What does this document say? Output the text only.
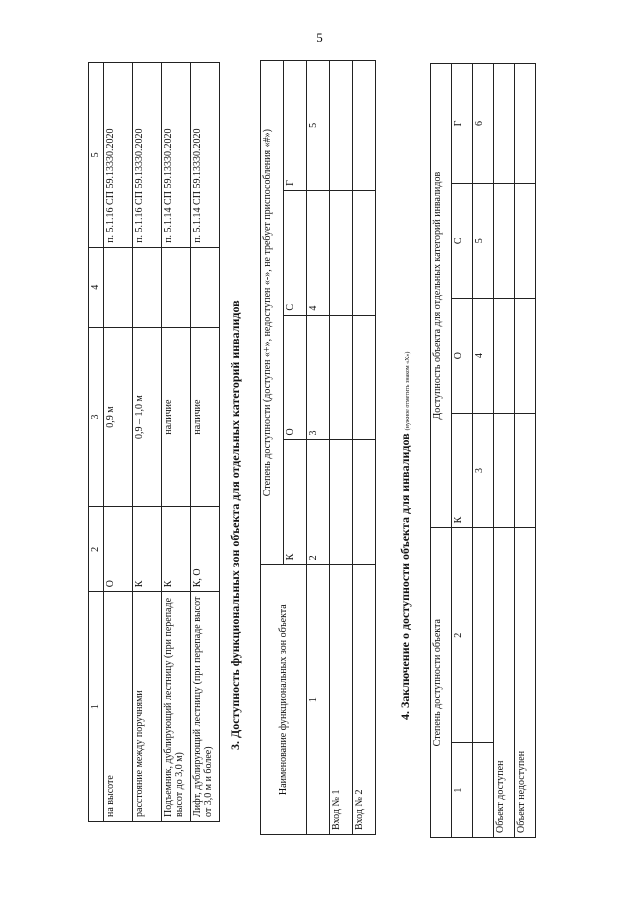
5
1	2	3	4	5
на высоте	О	0,9 м		п. 5.1.16 СП 59.13330.2020
расстояние между поручнями	К	0,9 – 1,0 м		п. 5.1.16 СП 59.13330.2020
Подъемник, дублирующий лестницу (при перепаде высот до 3,0 м)	К	наличие		п. 5.1.14 СП 59.13330.2020
Лифт, дублирующий лестницу (при перепаде высот от 3,0 м и более)	К, О	наличие		п. 5.1.14 СП 59.13330.2020
3. Доступность функциональных зон объекта для отдельных категорий инвалидов	Наименование функциональных зон объекта	Степень доступности (доступен «+», недоступен «-», не требует приспособления «#»)			
	К	О	С	Г
1	2	3	4	5
Вход № 1				
Вход № 2				
4. Заключение о доступности объекта для инвалидов (нужное отметить знаком «Х»)
Степень доступности объекта		Доступность объекта для отдельных категорий инвалидов			
1	2	К	О	С	Г
		3	4	5	6
Объект доступен					
Объект недоступен					
